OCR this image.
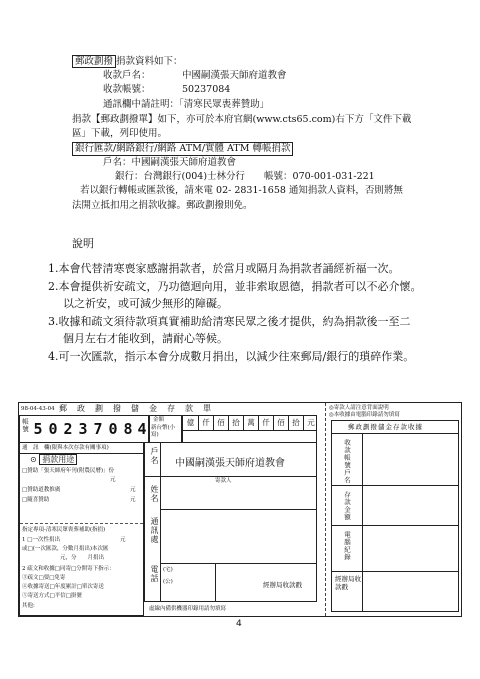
郵政劃撥 捐款資料如下：
收款戶名：	中國嗣漢張天師府道教會
收款帳號：	50237084
通訊欄中請註明：「清寒民眾喪葬贊助」
捐款【郵政劃撥單】如下，亦可於本府官網(www.cts65.com)右下方「文件下載
區」下載，列印使用。
銀行匯款/網路銀行/網路 ATM/實體 ATM 轉帳捐款
戶名：中國嗣漢張天師府道教會
銀行：台灣銀行(004)士林分行　　帳號：070-001-031-221
若以銀行轉帳或匯款後，請來電 02- 2831-1658 通知捐款人資料，否則將無
法開立抵扣用之捐款收據。郵政劃撥則免。
說明
1.本會代替清寒喪家感謝捐款者，於當月或隔月為捐款者誦經祈福一次。
2.本會提供祈安疏文，乃功德迴向用，並非索取恩德，捐款者可以不必介懷。
以之祈安，或可減少無形的障礙。
3.收據和疏文須待款項真實補助給清寒民眾之後才提供，約為捐款後一至二
個月左右才能收到，請耐心等候。
4.可一次匯款，指示本會分成數月捐出，以減少往來郵局/銀行的瑣碎作業。
98-04-43-04 郵　政　劃　撥　儲　金　存　款　單
帳號 5 0 2 3 7 0 8 4	金額
新台幣(小寫)
億	仟	佰	拾	萬	仟	佰	拾	元
通　訊　欄(限與本次存款有關事項)
⊙ 捐款用途
□贊助「張天師府年刊(附農民曆)」份
元
□贊助道教推廣	元
□隨喜贊助	元
指定專項-清寒民眾喪葬補助(指捐)
1 □一次性捐出	元
或□(一次匯款，分數月捐出)本次匯
元，分　　月捐出
2 疏文和收據□同寄□分開寄下指示：
③疏文□要□免寄
④收據寄送□年度累計□單次寄送
⑤寄送方式□平信□掛號
其他:
戶名 中國嗣漢張天師府道教會
寄款人
姓名
通訊處
電話 (宅)
(公)	經辦局收款戳
虛線內備供機器印錄用請勿填寫
◎寄款人請注意背面說明
◎本收據由電腦印錄請勿填寫
郵政劃撥儲金存款收據
收款帳號戶名
存款金額
電腦紀錄
經辦局收款戳
4
